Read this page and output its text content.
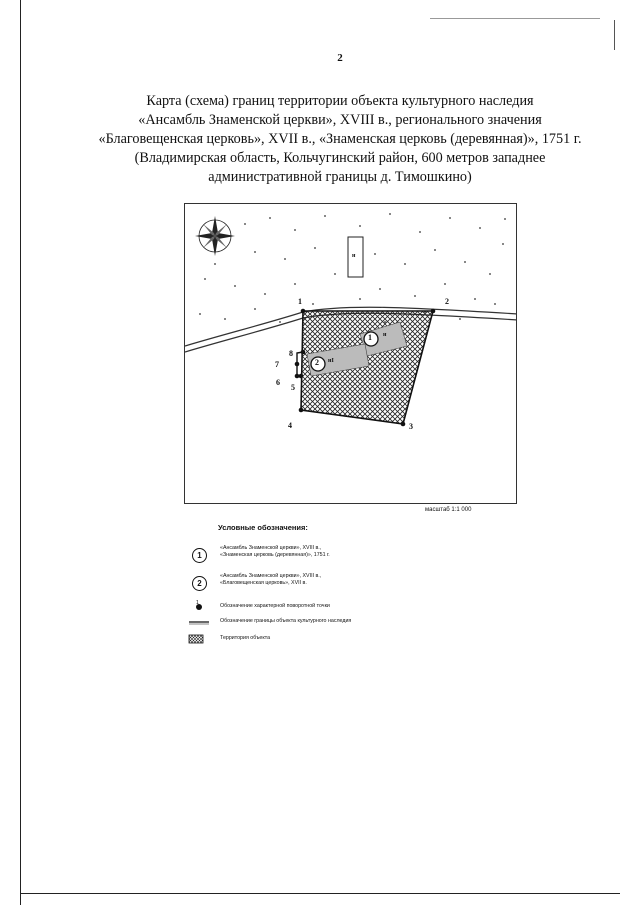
2
Карта (схема) границ территории объекта культурного наследия
«Ансамбль Знаменской церкви», XVIII в., регионального значения
«Благовещенская церковь», XVII в., «Знаменская церковь (деревянная)», 1751 г.
(Владимирская область, Кольчугинский район, 600 метров западнее
административной границы д. Тимошкино)
1
2
н
н
нI
1	2
3
4
5
6
7
8
масштаб 1:1 000
Условные обозначения:
1
«Ансамбль Знаменской церкви», XVIII в.,
«Знаменская церковь (деревянная)», 1751 г.
2
«Ансамбль Знаменской церкви», XVIII в.,
«Благовещенская церковь», XVII в.
1	Обозначение характерной поворотной точки
Обозначение границы объекта культурного наследия
Территория объекта
